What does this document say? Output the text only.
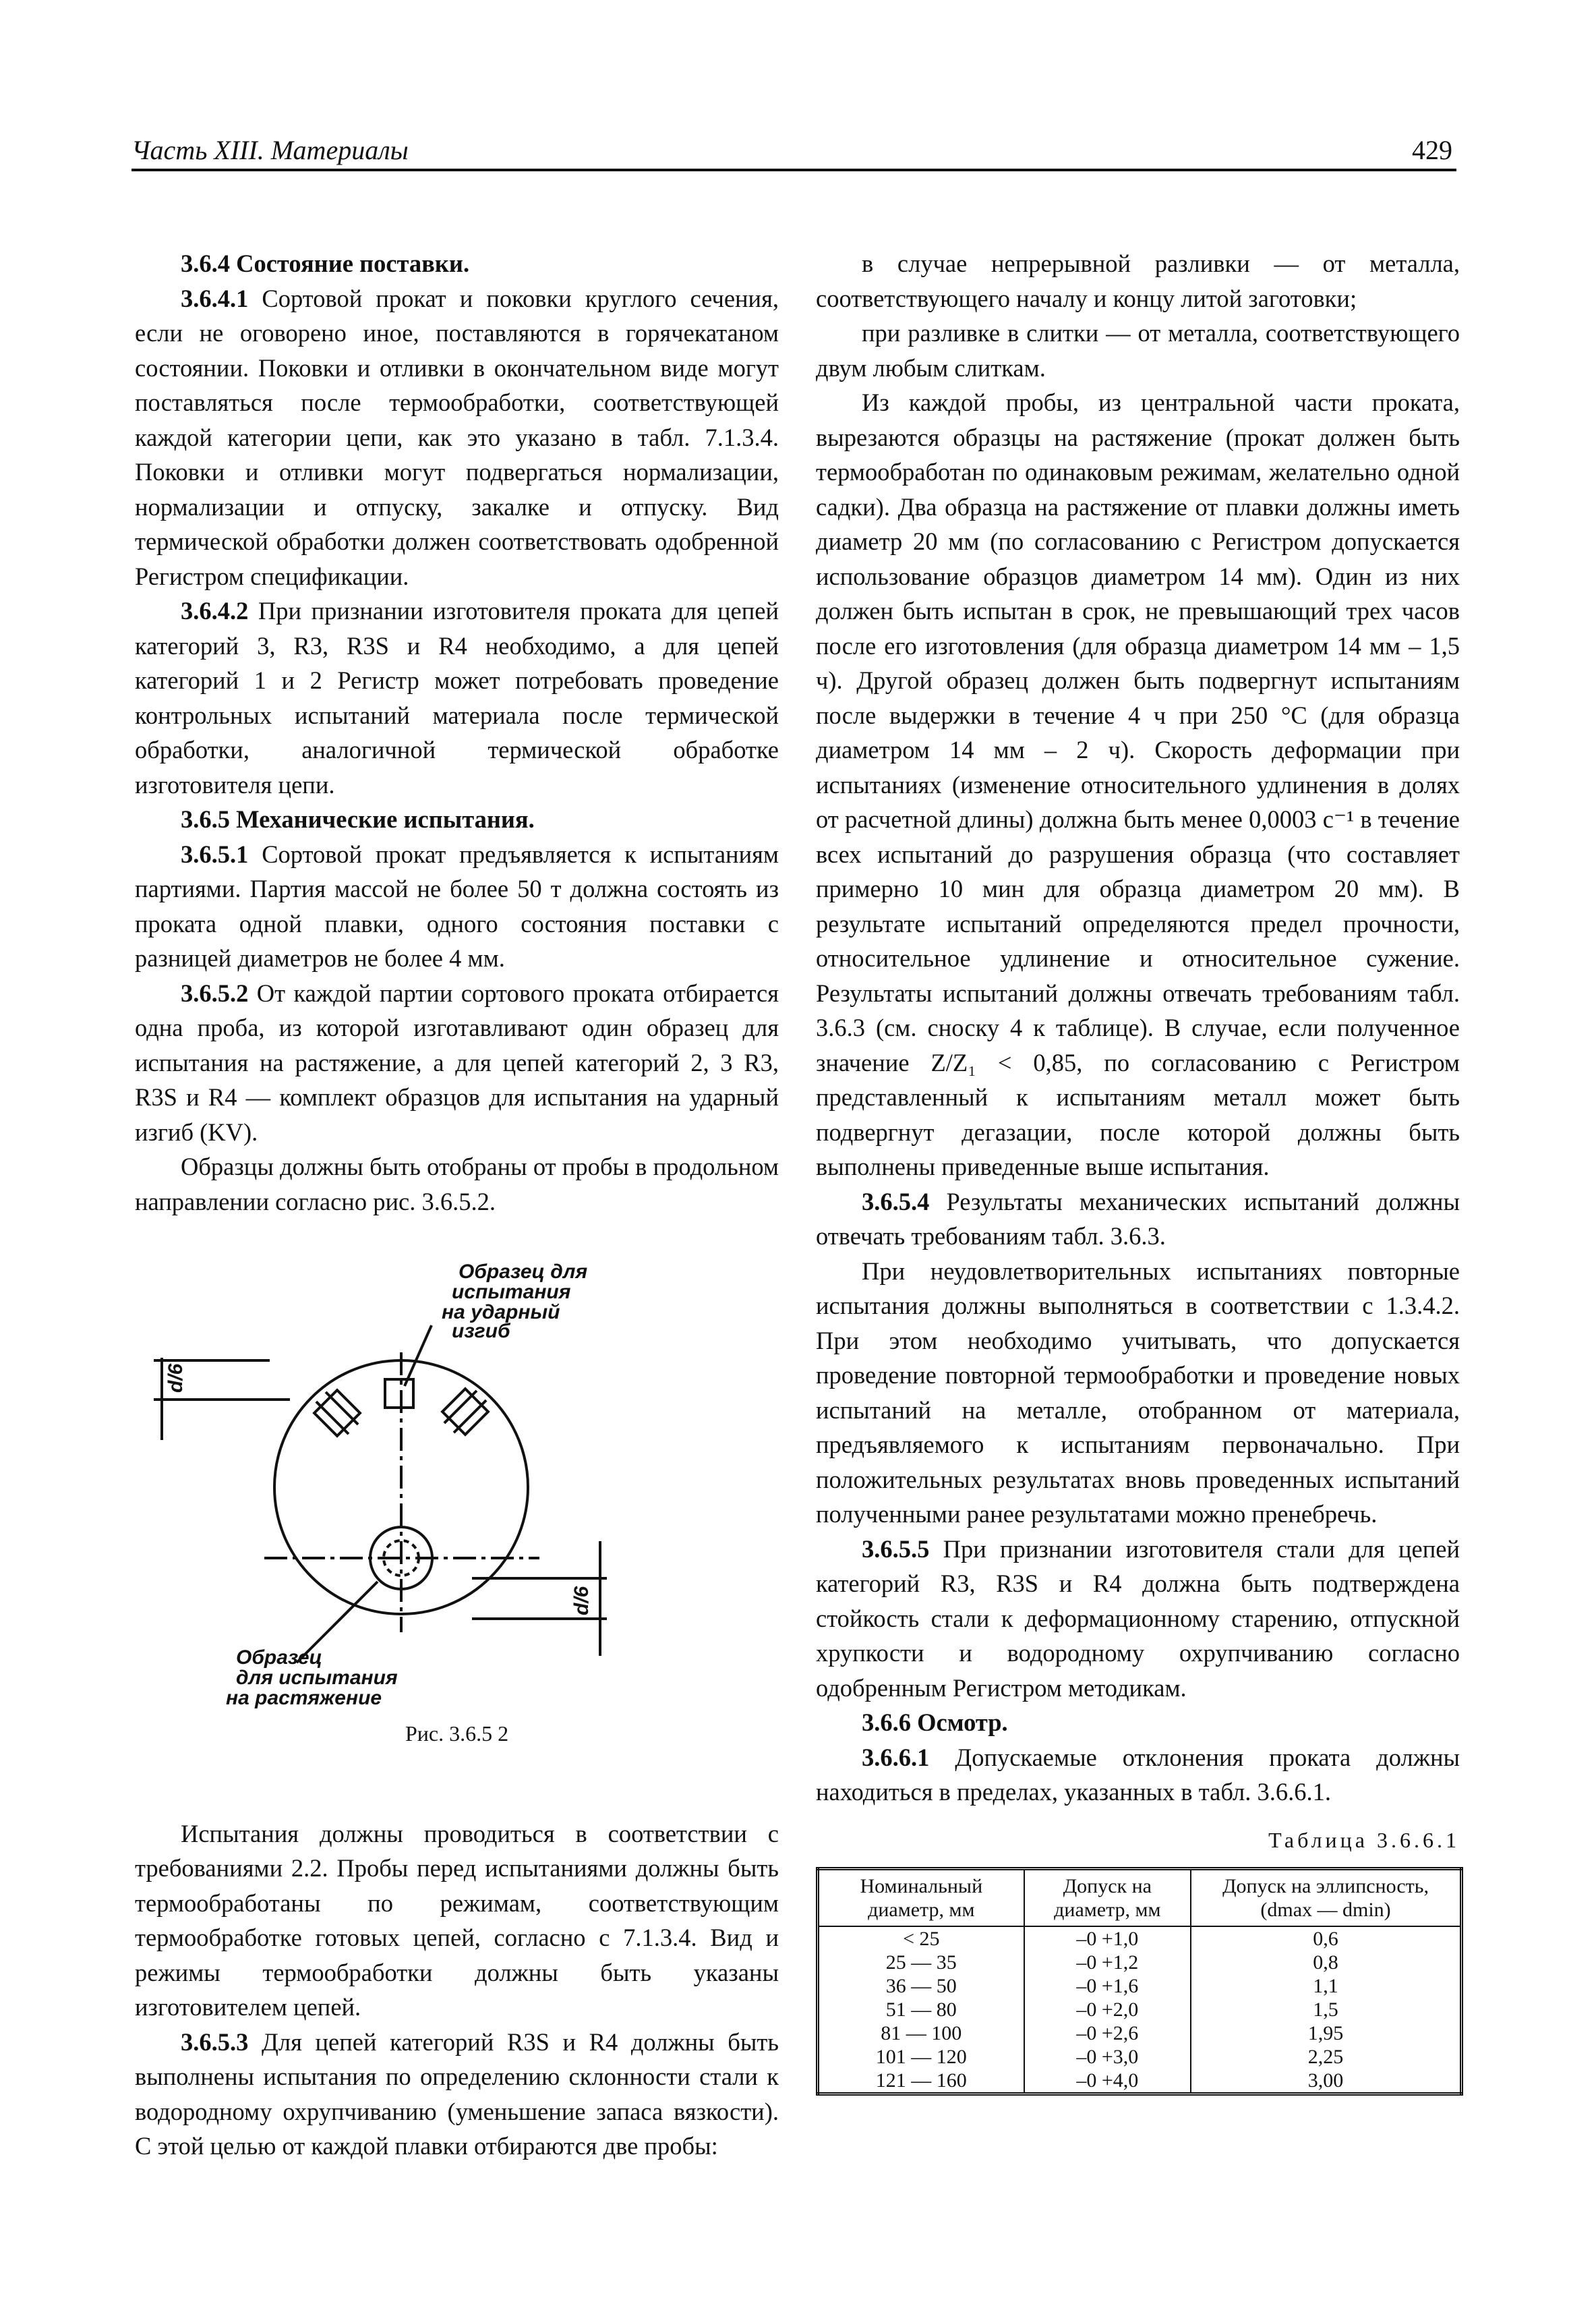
Часть XIII. Материалы	429

3.6.4 Состояние поставки.

3.6.4.1 Сортовой прокат и поковки круглого сечения, если не оговорено иное, поставляются в горячекатаном состоянии. Поковки и отливки в окончательном виде могут поставляться после термообработки, соответствующей каждой категории цепи, как это указано в табл. 7.1.3.4. Поковки и отливки могут подвергаться нормализации, нормализации и отпуску, закалке и отпуску. Вид термической обработки должен соответствовать одобренной Регистром спецификации.

3.6.4.2 При признании изготовителя проката для цепей категорий 3, R3, R3S и R4 необходимо, а для цепей категорий 1 и 2 Регистр может потребовать проведение контрольных испытаний материала после термической обработки, аналогичной термической обработке изготовителя цепи.

3.6.5 Механические испытания.

3.6.5.1 Сортовой прокат предъявляется к испытаниям партиями. Партия массой не более 50 т должна состоять из проката одной плавки, одного состояния поставки с разницей диаметров не более 4 мм.

3.6.5.2 От каждой партии сортового проката отбирается одна проба, из которой изготавливают один образец для испытания на растяжение, а для цепей категорий 2, 3 R3, R3S и R4 — комплект образцов для испытания на ударный изгиб (KV).

Образцы должны быть отобраны от пробы в продольном направлении согласно рис. 3.6.5.2.

Образец для
испытания
на ударный
изгиб
Образец
для испытания
на растяжение
d/6
d/6
Рис. 3.6.5 2

Испытания должны проводиться в соответствии с требованиями 2.2. Пробы перед испытаниями должны быть термообработаны по режимам, соответствующим термообработке готовых цепей, согласно с 7.1.3.4. Вид и режимы термообработки должны быть указаны изготовителем цепей.

3.6.5.3 Для цепей категорий R3S и R4 должны быть выполнены испытания по определению склонности стали к водородному охрупчиванию (уменьшение запаса вязкости). С этой целью от каждой плавки отбираются две пробы:

в случае непрерывной разливки — от металла, соответствующего началу и концу литой заготовки;

при разливке в слитки — от металла, соответствующего двум любым слиткам.

Из каждой пробы, из центральной части проката, вырезаются образцы на растяжение (прокат должен быть термообработан по одинаковым режимам, желательно одной садки). Два образца на растяжение от плавки должны иметь диаметр 20 мм (по согласованию с Регистром допускается использование образцов диаметром 14 мм). Один из них должен быть испытан в срок, не превышающий трех часов после его изготовления (для образца диаметром 14 мм – 1,5 ч). Другой образец должен быть подвергнут испытаниям после выдержки в течение 4 ч при 250 °С (для образца диаметром 14 мм – 2 ч). Скорость деформации при испытаниях (изменение относительного удлинения в долях от расчетной длины) должна быть менее 0,0003 с⁻¹ в течение всех испытаний до разрушения образца (что составляет примерно 10 мин для образца диаметром 20 мм). В результате испытаний определяются предел прочности, относительное удлинение и относительное сужение. Результаты испытаний должны отвечать требованиям табл. 3.6.3 (см. сноску 4 к таблице). В случае, если полученное значение Z/Z₁ < 0,85, по согласованию с Регистром представленный к испытаниям металл может быть подвергнут дегазации, после которой должны быть выполнены приведенные выше испытания.

3.6.5.4 Результаты механических испытаний должны отвечать требованиям табл. 3.6.3.

При неудовлетворительных испытаниях повторные испытания должны выполняться в соответствии с 1.3.4.2. При этом необходимо учитывать, что допускается проведение повторной термообработки и проведение новых испытаний на металле, отобранном от материала, предъявляемого к испытаниям первоначально. При положительных результатах вновь проведенных испытаний полученными ранее результатами можно пренебречь.

3.6.5.5 При признании изготовителя стали для цепей категорий R3, R3S и R4 должна быть подтверждена стойкость стали к деформационному старению, отпускной хрупкости и водородному охрупчиванию согласно одобренным Регистром методикам.

3.6.6 Осмотр.

3.6.6.1 Допускаемые отклонения проката должны находиться в пределах, указанных в табл. 3.6.6.1.

Таблица 3.6.6.1
Номинальный диаметр, мм	Допуск на диаметр, мм	Допуск на эллипсность, (dmax — dmin)
< 25	–0 +1,0	0,6
25 — 35	–0 +1,2	0,8
36 — 50	–0 +1,6	1,1
51 — 80	–0 +2,0	1,5
81 — 100	–0 +2,6	1,95
101 — 120	–0 +3,0	2,25
121 — 160	–0 +4,0	3,00
